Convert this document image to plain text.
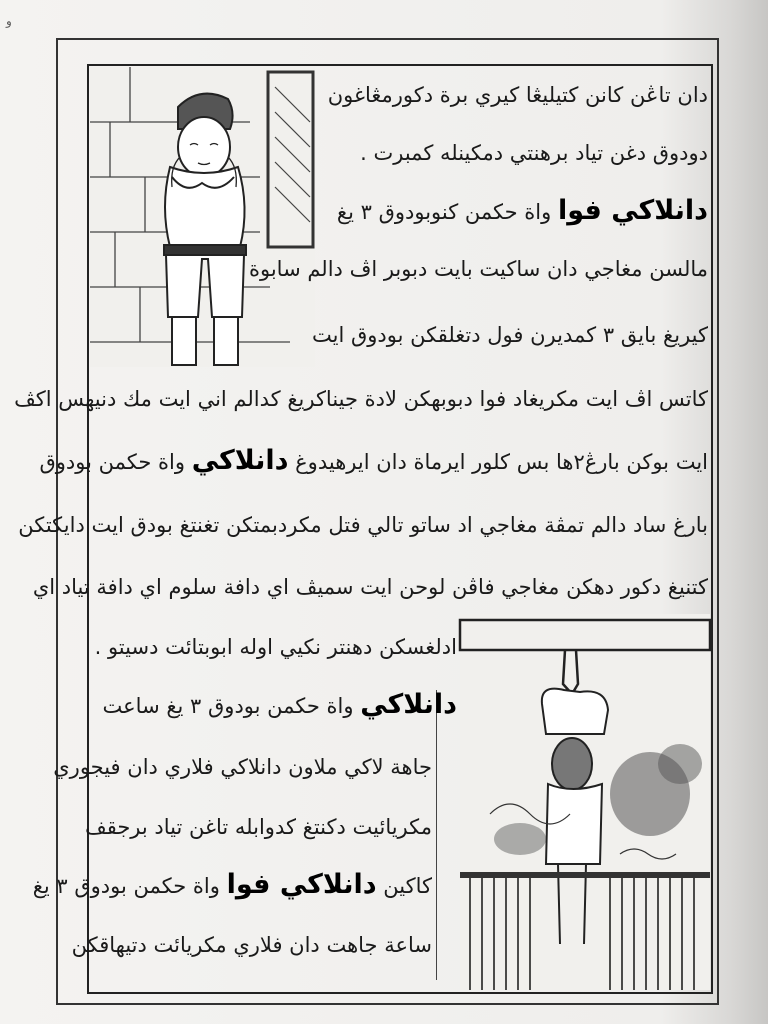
ﻭ
دان تاڠن كانن كتيليڠا كيري برة دكورمڠاغون
دودوق دغن تياد برهنتي دمكينله كمبرت .
دانلاكي فوﺍ واة حكمن كنوبودوق ٣ يغ
مالسن مغاجي دان ساكيت بايت دبوبر اڤ دالم سابوة
كيريغ بايق ٣ كمديرن فول دتغلقكن بودوق ايت
كاتس اڤ ايت مكريغاد فوا دبوبهكن لادة جيناكريغ كدالم اني ايت مك دنيهس اكڤ
ايت بوكن بارڠ٢ها بس كلور ايرماة دان ايرهيدوغ دانلاكي واة حكمن بودوق
بارغ ساد دالم تمڤة مغاجي اد ساتو تالي فتل مكردبمتكن تغنتغ بودق ايت دايكتكن
كتنيغ دكور دهكن مغاجي فاڤن لوحن ايت سميڤ اي دافة سلوم اي دافة تياد اي
ادلغسكن دهنتر نكيي اوله ابوبتائت دسيتو .
دانلاكي واة حكمن بودوق ٣ يغ ساعت
جاهة لاكي ملاون دانلاكي فلاري دان فيجوري
مكريائيت دكنتغ كدوابله تاغن تياد برجقف
كاكين دانلاكي فوا واة حكمن بودوق ٣ يغ
ساعة جاهت دان فلاري مكريائت دتيهاقكن
